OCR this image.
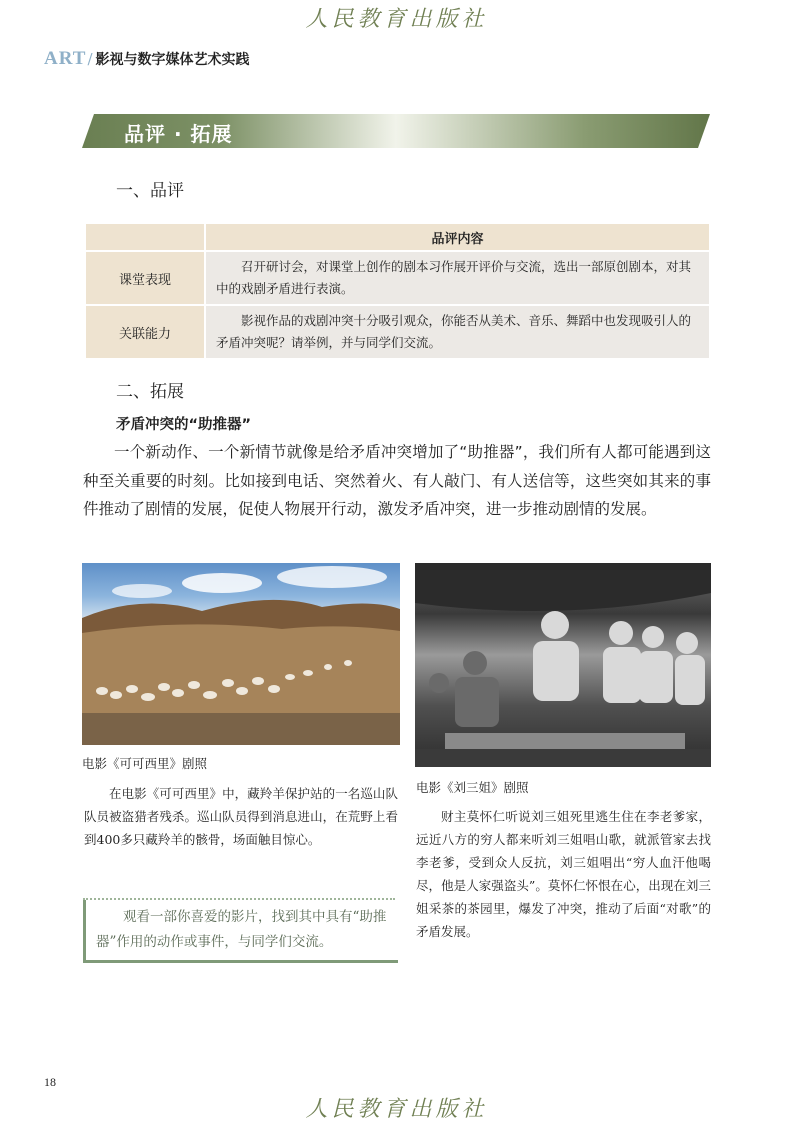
人民教育出版社
ART/ 影视与数字媒体艺术实践
品评 · 拓展
一、品评
	品评内容
课堂表现	召开研讨会，对课堂上创作的剧本习作展开评价与交流，选出一部原创剧本，对其中的戏剧矛盾进行表演。
关联能力	影视作品的戏剧冲突十分吸引观众，你能否从美术、音乐、舞蹈中也发现吸引人的矛盾冲突呢？请举例，并与同学们交流。
二、拓展
矛盾冲突的“助推器”
一个新动作、一个新情节就像是给矛盾冲突增加了“助推器”，我们所有人都可能遇到这种至关重要的时刻。比如接到电话、突然着火、有人敲门、有人送信等，这些突如其来的事件推动了剧情的发展，促使人物展开行动，激发矛盾冲突，进一步推动剧情的发展。
电影《可可西里》剧照
在电影《可可西里》中，藏羚羊保护站的一名巡山队队员被盗猎者残杀。巡山队员得到消息进山，在荒野上看到400多只藏羚羊的骸骨，场面触目惊心。
电影《刘三姐》剧照
财主莫怀仁听说刘三姐死里逃生住在李老爹家，远近八方的穷人都来听刘三姐唱山歌，就派管家去找李老爹，受到众人反抗，刘三姐唱出“穷人血汗他喝尽，他是人家强盗头”。莫怀仁怀恨在心，出现在刘三姐采茶的茶园里，爆发了冲突，推动了后面“对歌”的矛盾发展。
观看一部你喜爱的影片，找到其中具有“助推器”作用的动作或事件，与同学们交流。
18
人民教育出版社
